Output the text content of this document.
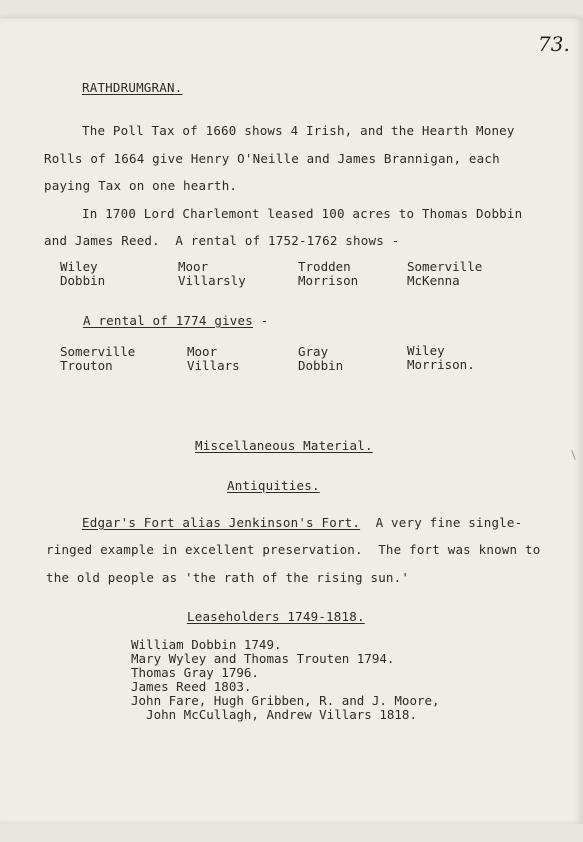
73.
RATHDRUMGRAN.
The Poll Tax of 1660 shows 4 Irish, and the Hearth Money
Rolls of 1664 give Henry O'Neille and James Brannigan, each
paying Tax on one hearth.
In 1700 Lord Charlemont leased 100 acres to Thomas Dobbin
and James Reed.  A rental of 1752-1762 shows -
Wiley
Dobbin
Moor
Villarsly
Trodden
Morrison
Somerville
McKenna
A rental of 1774 gives -
Somerville
Trouton
Moor
Villars
Gray
Dobbin
Wiley
Morrison.
Miscellaneous Material.
Antiquities.
Edgar's Fort alias Jenkinson's Fort.  A very fine single-
ringed example in excellent preservation.  The fort was known to
the old people as 'the rath of the rising sun.'
Leaseholders 1749-1818.
William Dobbin 1749.
Mary Wyley and Thomas Trouten 1794.
Thomas Gray 1796.
James Reed 1803.
John Fare, Hugh Gribben, R. and J. Moore,
John McCullagh, Andrew Villars 1818.
